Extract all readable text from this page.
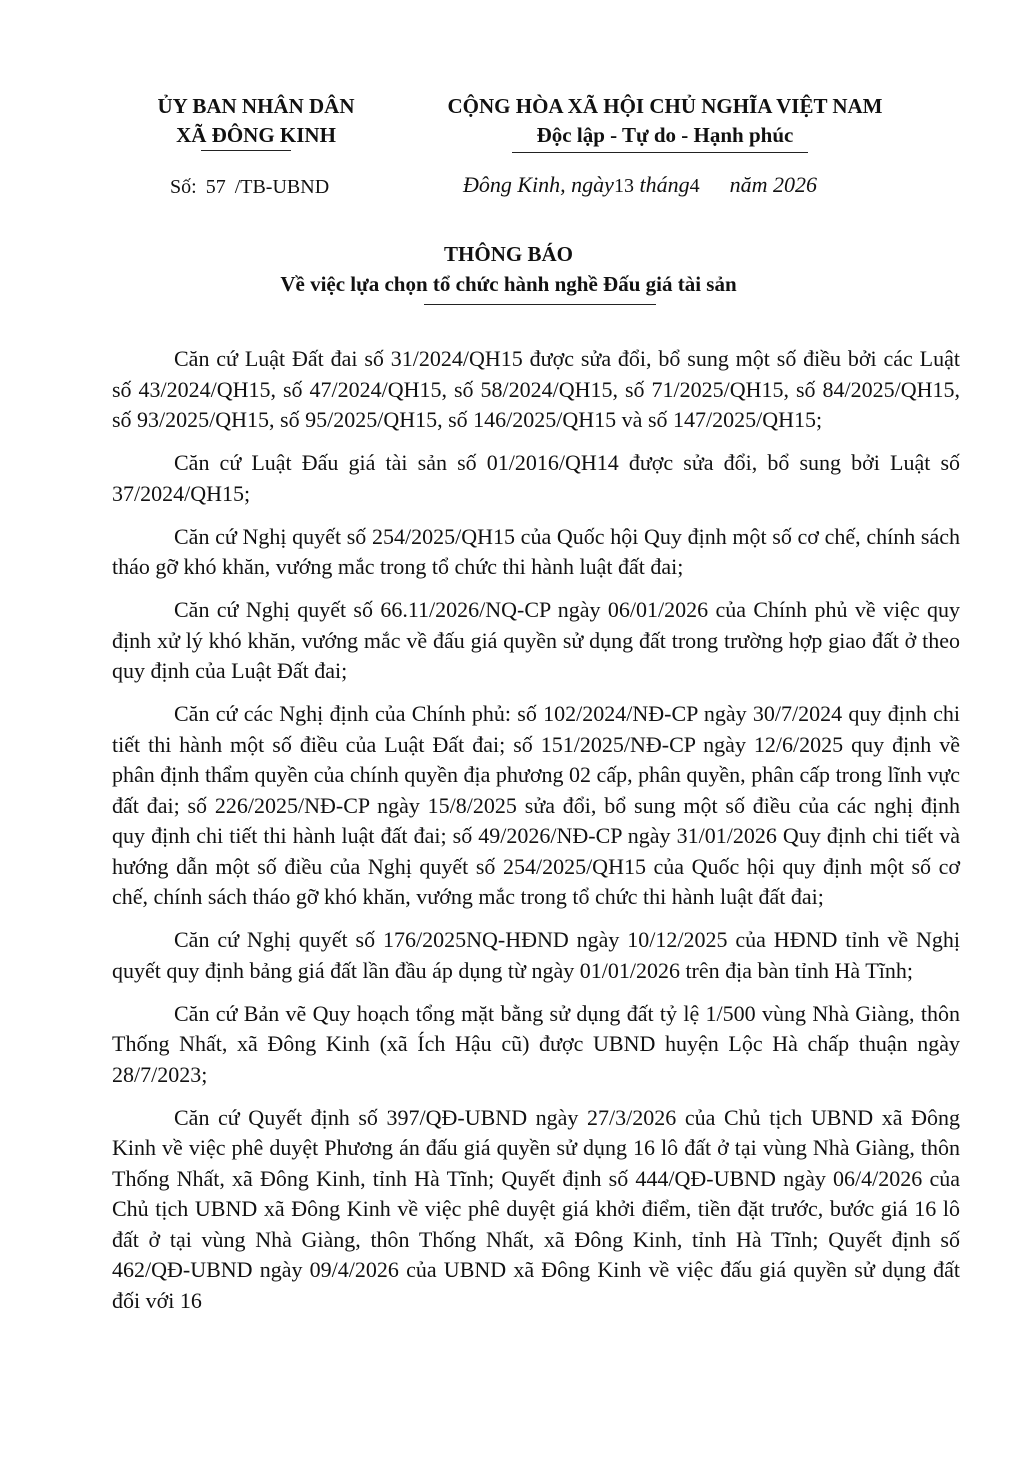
ỦY BAN NHÂN DÂN
XÃ ĐÔNG KINH
CỘNG HÒA XÃ HỘI CHỦ NGHĨA VIỆT NAM
Độc lập - Tự do - Hạnh phúc
Số: 57 /TB-UBND	Đông Kinh, ngày13 tháng4 năm 2026
THÔNG BÁO
Về việc lựa chọn tổ chức hành nghề Đấu giá tài sản

Căn cứ Luật Đất đai số 31/2024/QH15 được sửa đổi, bổ sung một số điều bởi các Luật số 43/2024/QH15, số 47/2024/QH15, số 58/2024/QH15, số 71/2025/QH15, số 84/2025/QH15, số 93/2025/QH15, số 95/2025/QH15, số 146/2025/QH15 và số 147/2025/QH15;

Căn cứ Luật Đấu giá tài sản số 01/2016/QH14 được sửa đổi, bổ sung bởi Luật số 37/2024/QH15;

Căn cứ Nghị quyết số 254/2025/QH15 của Quốc hội Quy định một số cơ chế, chính sách tháo gỡ khó khăn, vướng mắc trong tổ chức thi hành luật đất đai;

Căn cứ Nghị quyết số 66.11/2026/NQ-CP ngày 06/01/2026 của Chính phủ về việc quy định xử lý khó khăn, vướng mắc về đấu giá quyền sử dụng đất trong trường hợp giao đất ở theo quy định của Luật Đất đai;

Căn cứ các Nghị định của Chính phủ: số 102/2024/NĐ-CP ngày 30/7/2024 quy định chi tiết thi hành một số điều của Luật Đất đai; số 151/2025/NĐ-CP ngày 12/6/2025 quy định về phân định thẩm quyền của chính quyền địa phương 02 cấp, phân quyền, phân cấp trong lĩnh vực đất đai; số 226/2025/NĐ-CP ngày 15/8/2025 sửa đổi, bổ sung một số điều của các nghị định quy định chi tiết thi hành luật đất đai; số 49/2026/NĐ-CP ngày 31/01/2026 Quy định chi tiết và hướng dẫn một số điều của Nghị quyết số 254/2025/QH15 của Quốc hội quy định một số cơ chế, chính sách tháo gỡ khó khăn, vướng mắc trong tổ chức thi hành luật đất đai;

Căn cứ Nghị quyết số 176/2025NQ-HĐND ngày 10/12/2025 của HĐND tỉnh về Nghị quyết quy định bảng giá đất lần đầu áp dụng từ ngày 01/01/2026 trên địa bàn tỉnh Hà Tĩnh;

Căn cứ Bản vẽ Quy hoạch tổng mặt bằng sử dụng đất tỷ lệ 1/500 vùng Nhà Giàng, thôn Thống Nhất, xã Đông Kinh (xã Ích Hậu cũ) được UBND huyện Lộc Hà chấp thuận ngày 28/7/2023;

Căn cứ Quyết định số 397/QĐ-UBND ngày 27/3/2026 của Chủ tịch UBND xã Đông Kinh về việc phê duyệt Phương án đấu giá quyền sử dụng 16 lô đất ở tại vùng Nhà Giàng, thôn Thống Nhất, xã Đông Kinh, tỉnh Hà Tĩnh; Quyết định số 444/QĐ-UBND ngày 06/4/2026 của Chủ tịch UBND xã Đông Kinh về việc phê duyệt giá khởi điểm, tiền đặt trước, bước giá 16 lô đất ở tại vùng Nhà Giàng, thôn Thống Nhất, xã Đông Kinh, tỉnh Hà Tĩnh; Quyết định số 462/QĐ-UBND ngày 09/4/2026 của UBND xã Đông Kinh về việc đấu giá quyền sử dụng đất đối với 16
